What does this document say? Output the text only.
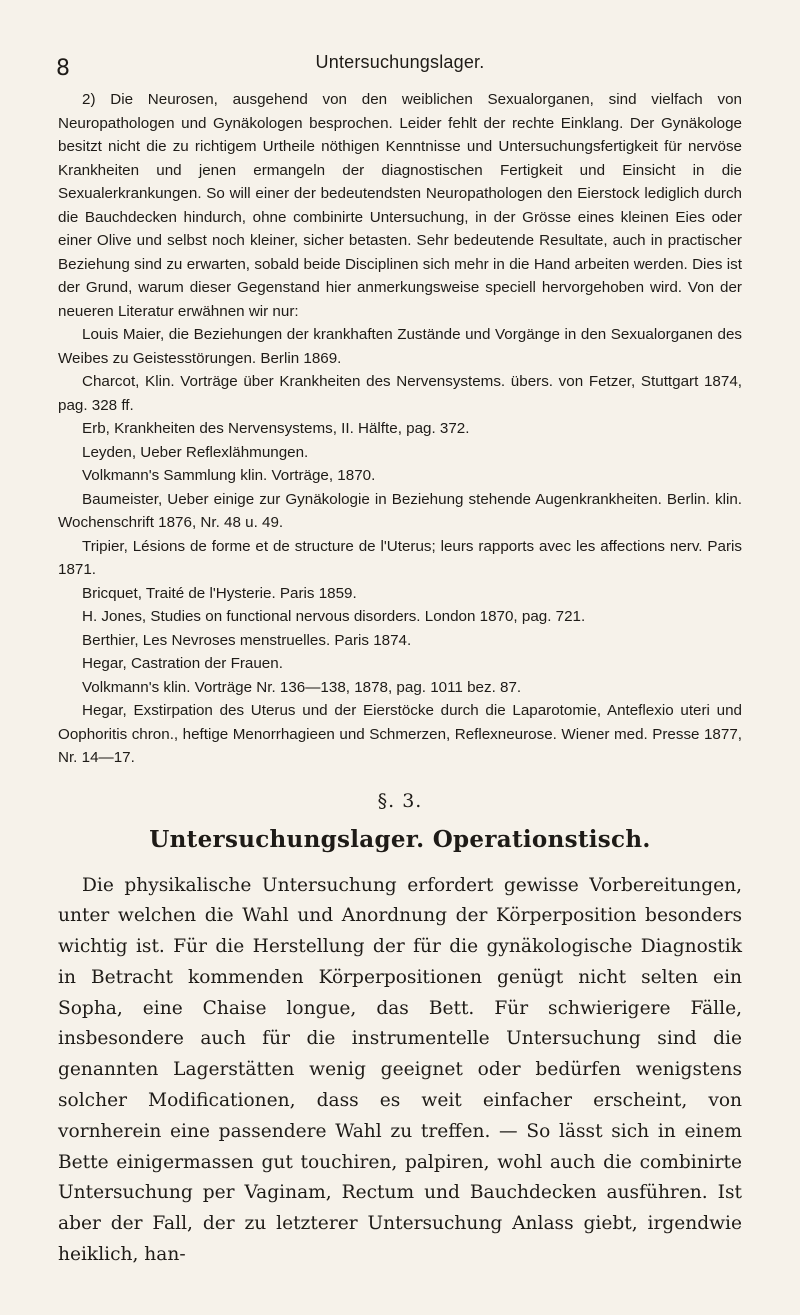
8	Untersuchungslager.

2) Die Neurosen, ausgehend von den weiblichen Sexualorganen, sind vielfach von Neuropathologen und Gynäkologen besprochen. Leider fehlt der rechte Einklang. Der Gynäkologe besitzt nicht die zu richtigem Urtheile nöthigen Kenntnisse und Untersuchungsfertigkeit für nervöse Krankheiten und jenen ermangeln der diagnostischen Fertigkeit und Einsicht in die Sexualerkrankungen. So will einer der bedeutendsten Neuropathologen den Eierstock lediglich durch die Bauchdecken hindurch, ohne combinirte Untersuchung, in der Grösse eines kleinen Eies oder einer Olive und selbst noch kleiner, sicher betasten. Sehr bedeutende Resultate, auch in practischer Beziehung sind zu erwarten, sobald beide Disciplinen sich mehr in die Hand arbeiten werden. Dies ist der Grund, warum dieser Gegenstand hier anmerkungsweise speciell hervorgehoben wird. Von der neueren Literatur erwähnen wir nur:

Louis Maier, die Beziehungen der krankhaften Zustände und Vorgänge in den Sexualorganen des Weibes zu Geistesstörungen. Berlin 1869.

Charcot, Klin. Vorträge über Krankheiten des Nervensystems. übers. von Fetzer, Stuttgart 1874, pag. 328 ff.

Erb, Krankheiten des Nervensystems, II. Hälfte, pag. 372.

Leyden, Ueber Reflexlähmungen.

Volkmann's Sammlung klin. Vorträge, 1870.

Baumeister, Ueber einige zur Gynäkologie in Beziehung stehende Augenkrankheiten. Berlin. klin. Wochenschrift 1876, Nr. 48 u. 49.

Tripier, Lésions de forme et de structure de l'Uterus; leurs rapports avec les affections nerv. Paris 1871.

Bricquet, Traité de l'Hysterie. Paris 1859.

H. Jones, Studies on functional nervous disorders. London 1870, pag. 721.

Berthier, Les Nevroses menstruelles. Paris 1874.

Hegar, Castration der Frauen.

Volkmann's klin. Vorträge Nr. 136—138, 1878, pag. 1011 bez. 87.

Hegar, Exstirpation des Uterus und der Eierstöcke durch die Laparotomie, Anteflexio uteri und Oophoritis chron., heftige Menorrhagieen und Schmerzen, Reflexneurose. Wiener med. Presse 1877, Nr. 14—17.

§. 3.
Untersuchungslager. Operationstisch.

Die physikalische Untersuchung erfordert gewisse Vorbereitungen, unter welchen die Wahl und Anordnung der Körperposition besonders wichtig ist. Für die Herstellung der für die gynäkologische Diagnostik in Betracht kommenden Körperpositionen genügt nicht selten ein Sopha, eine Chaise longue, das Bett. Für schwierigere Fälle, insbesondere auch für die instrumentelle Untersuchung sind die genannten Lagerstätten wenig geeignet oder bedürfen wenigstens solcher Modificationen, dass es weit einfacher erscheint, von vornherein eine passendere Wahl zu treffen. — So lässt sich in einem Bette einigermassen gut touchiren, palpiren, wohl auch die combinirte Untersuchung per Vaginam, Rectum und Bauchdecken ausführen. Ist aber der Fall, der zu letzterer Untersuchung Anlass giebt, irgendwie heiklich, han-
